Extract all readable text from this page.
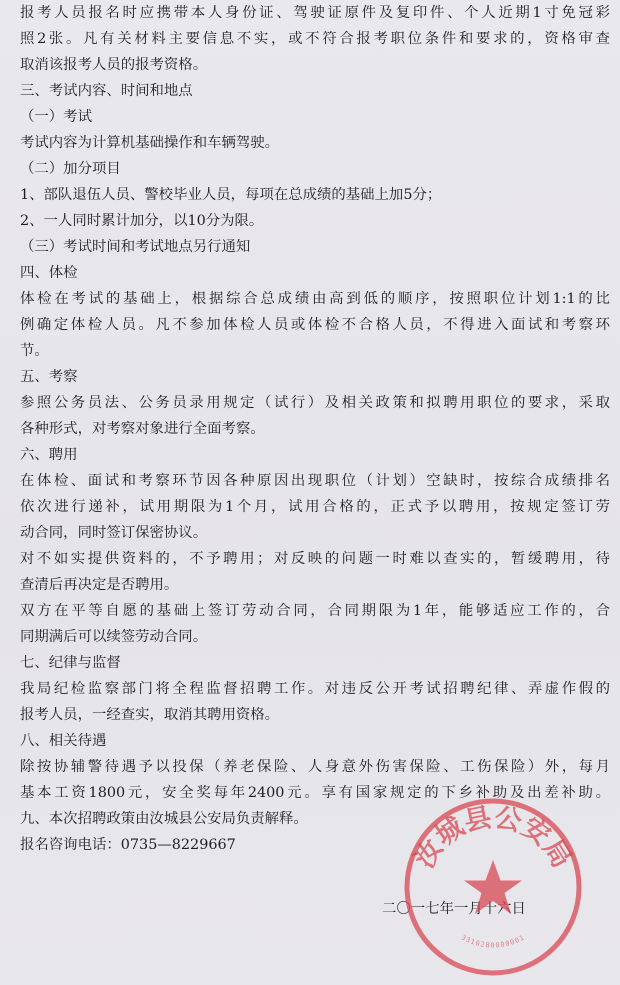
报考人员报名时应携带本人身份证、驾驶证原件及复印件、个人近期1寸免冠彩
照2张。凡有关材料主要信息不实，或不符合报考职位条件和要求的，资格审查
取消该报考人员的报考资格。
三、考试内容、时间和地点
（一）考试
考试内容为计算机基础操作和车辆驾驶。
（二）加分项目
1、部队退伍人员、警校毕业人员，每项在总成绩的基础上加5分；
2、一人同时累计加分，以10分为限。
（三）考试时间和考试地点另行通知
四、体检
体检在考试的基础上，根据综合总成绩由高到低的顺序，按照职位计划1:1的比
例确定体检人员。凡不参加体检人员或体检不合格人员，不得进入面试和考察环
节。
五、考察
参照公务员法、公务员录用规定（试行）及相关政策和拟聘用职位的要求，采取
各种形式，对考察对象进行全面考察。
六、聘用
在体检、面试和考察环节因各种原因出现职位（计划）空缺时，按综合成绩排名
依次进行递补，试用期限为1个月，试用合格的，正式予以聘用，按规定签订劳
动合同，同时签订保密协议。
对不如实提供资料的，不予聘用；对反映的问题一时难以查实的，暂缓聘用，待
查清后再决定是否聘用。
双方在平等自愿的基础上签订劳动合同，合同期限为1年，能够适应工作的，合
同期满后可以续签劳动合同。
七、纪律与监督
我局纪检监察部门将全程监督招聘工作。对违反公开考试招聘纪律、弄虚作假的
报考人员，一经查实，取消其聘用资格。
八、相关待遇
除按协辅警待遇予以投保（养老保险、人身意外伤害保险、工伤保险）外，每月
基本工资1800元，安全奖每年2400元。享有国家规定的下乡补助及出差补助。
九、本次招聘政策由汝城县公安局负责解释。
报名咨询电话：0735—8229667
二〇一七年一月十六日
汝城县公安局
3310280000001
